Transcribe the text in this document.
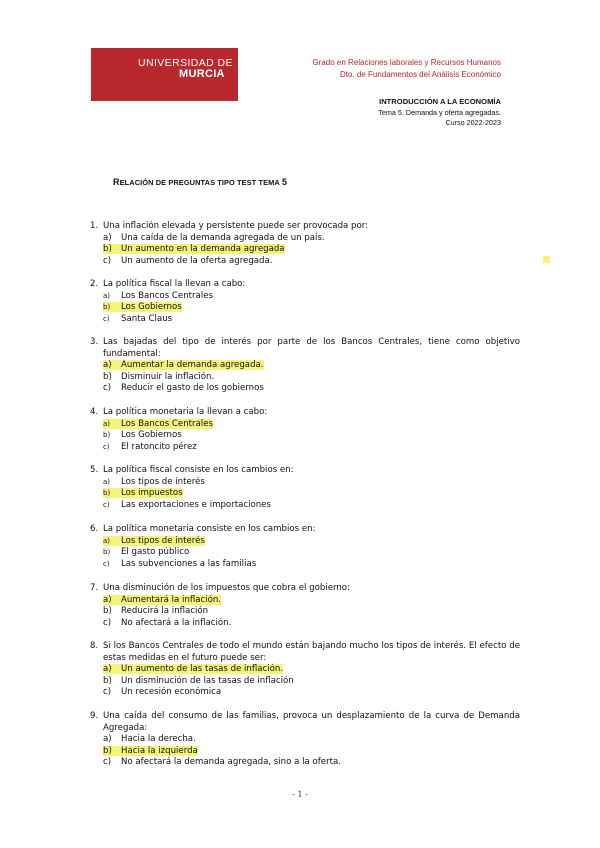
UNIVERSIDAD DE
MURCIA
Grado en Relaciones laborales y Recursos Humanos
Dto. de Fundamentos del Análisis Económico
INTRODUCCIÓN A LA ECONOMÍA
Tema 5. Demanda y oferta agregadas.
Curso 2022-2023
RELACIÓN DE PREGUNTAS TIPO TEST TEMA 5
1. Una inflación elevada y persistente puede ser provocada por:
a) Una caída de la demanda agregada de un país.
b) Un aumento en la demanda agregada
c) Un aumento de la oferta agregada.
2. La política fiscal la llevan a cabo:
a) Los Bancos Centrales
b) Los Gobiernos
c) Santa Claus
3. Las bajadas del tipo de interés por parte de los Bancos Centrales, tiene como objetivo fundamental:
a) Aumentar la demanda agregada.
b) Disminuir la inflación.
c) Reducir el gasto de los gobiernos
4. La política monetaria la llevan a cabo:
a) Los Bancos Centrales
b) Los Gobiernos
c) El ratoncito pérez
5. La política fiscal consiste en los cambios en:
a) Los tipos de interés
b) Los impuestos
c) Las exportaciones e importaciones
6. La política monetaria consiste en los cambios en:
a) Los tipos de interés
b) El gasto público
c) Las subvenciones a las familias
7. Una disminución de los impuestos que cobra el gobierno:
a) Aumentará la inflación.
b) Reducirá la inflación
c) No afectará a la inflación.
8. Si los Bancos Centrales de todo el mundo están bajando mucho los tipos de interés. El efecto de estas medidas en el futuro puede ser:
a) Un aumento de las tasas de inflación.
b) Un disminución de las tasas de inflación
c) Un recesión económica
9. Una caída del consumo de las familias, provoca un desplazamiento de la curva de Demanda Agregada:
a) Hacia la derecha.
b) Hacia la izquierda
c) No afectará la demanda agregada, sino a la oferta.
- 1 -
